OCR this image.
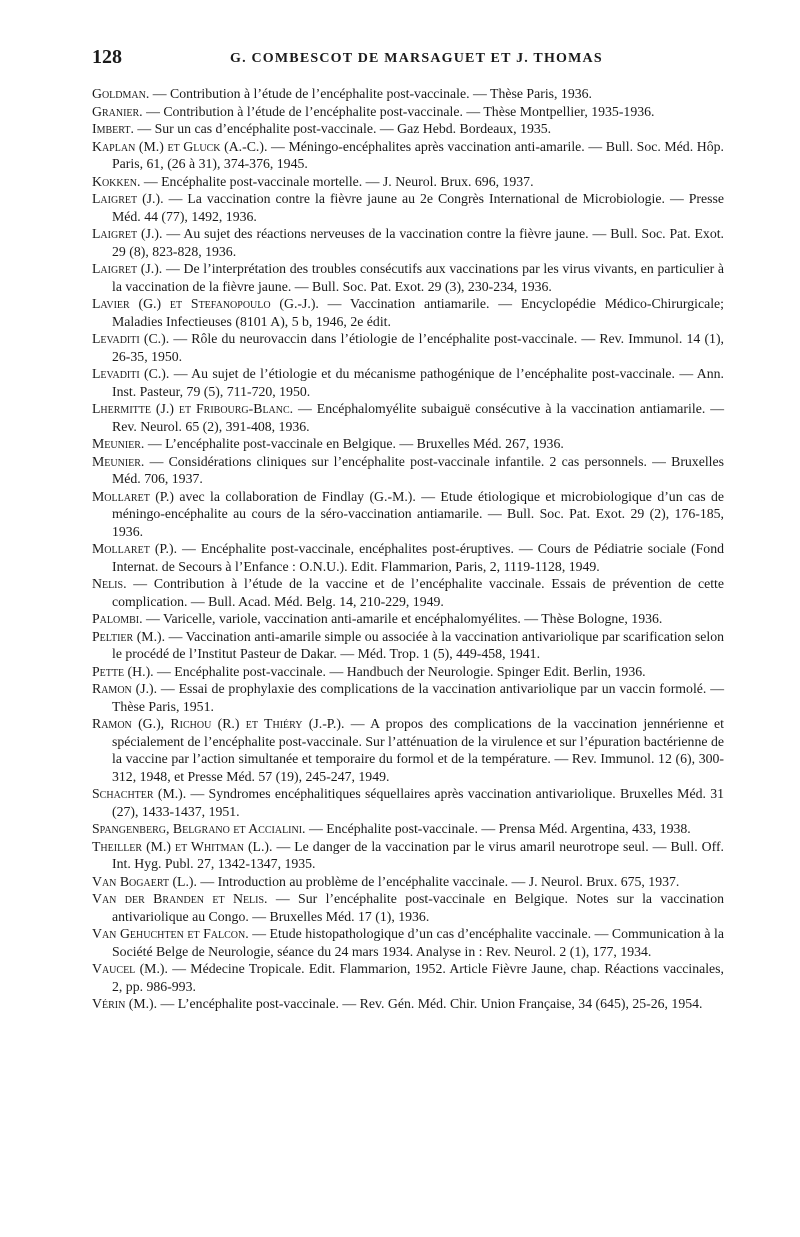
128	G. COMBESCOT DE MARSAGUET ET J. THOMAS

Goldman. — Contribution à l’étude de l’encéphalite post-vaccinale. — Thèse Paris, 1936.

Granier. — Contribution à l’étude de l’encéphalite post-vaccinale. — Thèse Montpellier, 1935-1936.

Imbert. — Sur un cas d’encéphalite post-vaccinale. — Gaz Hebd. Bordeaux, 1935.

Kaplan (M.) et Gluck (A.-C.). — Méningo-encéphalites après vaccination anti-amarile. — Bull. Soc. Méd. Hôp. Paris, 61, (26 à 31), 374-376, 1945.

Kokken. — Encéphalite post-vaccinale mortelle. — J. Neurol. Brux. 696, 1937.

Laigret (J.). — La vaccination contre la fièvre jaune au 2e Congrès International de Microbiologie. — Presse Méd. 44 (77), 1492, 1936.

Laigret (J.). — Au sujet des réactions nerveuses de la vaccination contre la fièvre jaune. — Bull. Soc. Pat. Exot. 29 (8), 823-828, 1936.

Laigret (J.). — De l’interprétation des troubles consécutifs aux vaccinations par les virus vivants, en particulier à la vaccination de la fièvre jaune. — Bull. Soc. Pat. Exot. 29 (3), 230-234, 1936.

Lavier (G.) et Stefanopoulo (G.-J.). — Vaccination antiamarile. — Encyclopédie Médico-Chirurgicale; Maladies Infectieuses (8101 A), 5 b, 1946, 2e édit.

Levaditi (C.). — Rôle du neurovaccin dans l’étiologie de l’encéphalite post-vaccinale. — Rev. Immunol. 14 (1), 26-35, 1950.

Levaditi (C.). — Au sujet de l’étiologie et du mécanisme pathogénique de l’encéphalite post-vaccinale. — Ann. Inst. Pasteur, 79 (5), 711-720, 1950.

Lhermitte (J.) et Fribourg-Blanc. — Encéphalomyélite subaiguë consécutive à la vaccination antiamarile. — Rev. Neurol. 65 (2), 391-408, 1936.

Meunier. — L’encéphalite post-vaccinale en Belgique. — Bruxelles Méd. 267, 1936.

Meunier. — Considérations cliniques sur l’encéphalite post-vaccinale infantile. 2 cas personnels. — Bruxelles Méd. 706, 1937.

Mollaret (P.) avec la collaboration de Findlay (G.-M.). — Etude étiologique et microbiologique d’un cas de méningo-encéphalite au cours de la séro-vaccination antiamarile. — Bull. Soc. Pat. Exot. 29 (2), 176-185, 1936.

Mollaret (P.). — Encéphalite post-vaccinale, encéphalites post-éruptives. — Cours de Pédiatrie sociale (Fond Internat. de Secours à l’Enfance : O.N.U.). Edit. Flammarion, Paris, 2, 1119-1128, 1949.

Nelis. — Contribution à l’étude de la vaccine et de l’encéphalite vaccinale. Essais de prévention de cette complication. — Bull. Acad. Méd. Belg. 14, 210-229, 1949.

Palombi. — Varicelle, variole, vaccination anti-amarile et encéphalomyélites. — Thèse Bologne, 1936.

Peltier (M.). — Vaccination anti-amarile simple ou associée à la vaccination antivariolique par scarification selon le procédé de l’Institut Pasteur de Dakar. — Méd. Trop. 1 (5), 449-458, 1941.

Pette (H.). — Encéphalite post-vaccinale. — Handbuch der Neurologie. Spinger Edit. Berlin, 1936.

Ramon (J.). — Essai de prophylaxie des complications de la vaccination antivariolique par un vaccin formolé. — Thèse Paris, 1951.

Ramon (G.), Richou (R.) et Thiéry (J.-P.). — A propos des complications de la vaccination jennérienne et spécialement de l’encéphalite post-vaccinale. Sur l’atténuation de la virulence et sur l’épuration bactérienne de la vaccine par l’action simultanée et temporaire du formol et de la température. — Rev. Immunol. 12 (6), 300-312, 1948, et Presse Méd. 57 (19), 245-247, 1949.

Schachter (M.). — Syndromes encéphalitiques séquellaires après vaccination antivariolique. Bruxelles Méd. 31 (27), 1433-1437, 1951.

Spangenberg, Belgrano et Accialini. — Encéphalite post-vaccinale. — Prensa Méd. Argentina, 433, 1938.

Theiller (M.) et Whitman (L.). — Le danger de la vaccination par le virus amaril neurotrope seul. — Bull. Off. Int. Hyg. Publ. 27, 1342-1347, 1935.

Van Bogaert (L.). — Introduction au problème de l’encéphalite vaccinale. — J. Neurol. Brux. 675, 1937.

Van der Branden et Nelis. — Sur l’encéphalite post-vaccinale en Belgique. Notes sur la vaccination antivariolique au Congo. — Bruxelles Méd. 17 (1), 1936.

Van Gehuchten et Falcon. — Etude histopathologique d’un cas d’encéphalite vaccinale. — Communication à la Société Belge de Neurologie, séance du 24 mars 1934. Analyse in : Rev. Neurol. 2 (1), 177, 1934.

Vaucel (M.). — Médecine Tropicale. Edit. Flammarion, 1952. Article Fièvre Jaune, chap. Réactions vaccinales, 2, pp. 986-993.

Vérin (M.). — L’encéphalite post-vaccinale. — Rev. Gén. Méd. Chir. Union Française, 34 (645), 25-26, 1954.
